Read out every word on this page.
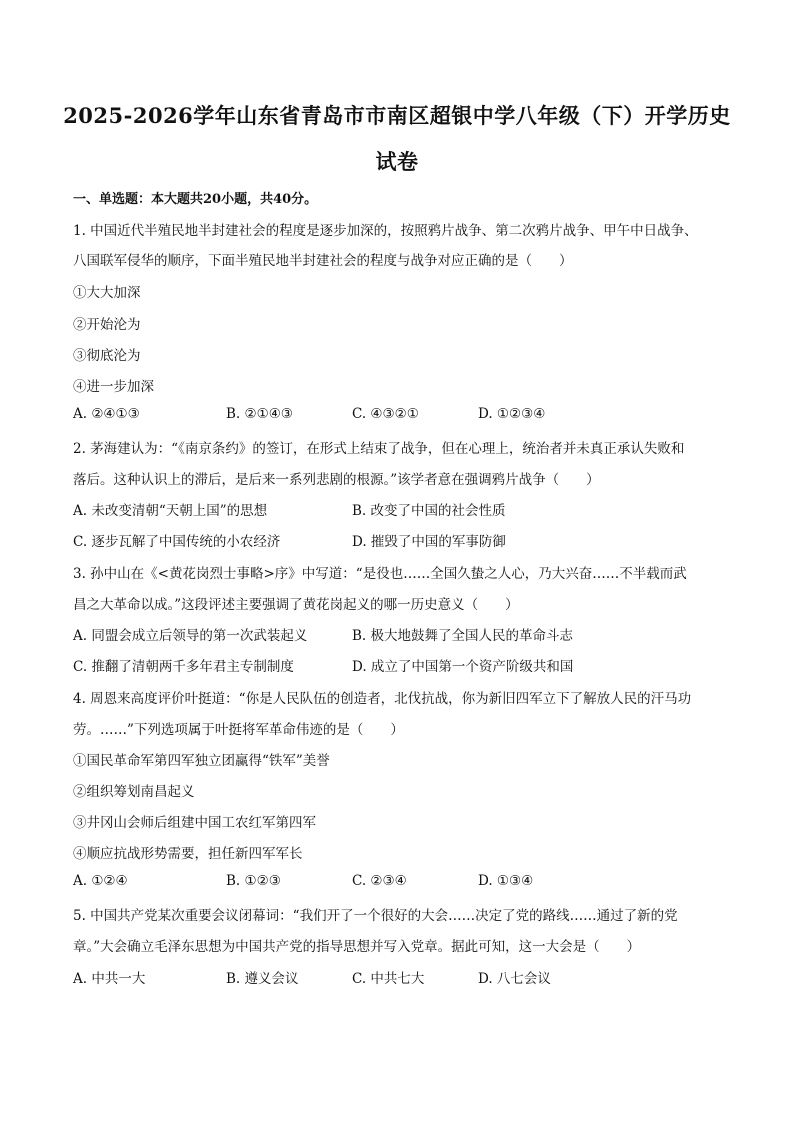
2025-2026学年山东省青岛市市南区超银中学八年级（下）开学历史
试卷
一、单选题：本大题共20小题，共40分。
1. 中国近代半殖民地半封建社会的程度是逐步加深的，按照鸦片战争、第二次鸦片战争、甲午中日战争、
八国联军侵华的顺序，下面半殖民地半封建社会的程度与战争对应正确的是（　　）
①大大加深
②开始沦为
③彻底沦为
④进一步加深
A. ②④①③	B. ②①④③	C. ④③②①	D. ①②③④
2. 茅海建认为：“《南京条约》的签订，在形式上结束了战争，但在心理上，统治者并未真正承认失败和
落后。这种认识上的滞后，是后来一系列悲剧的根源。”该学者意在强调鸦片战争（　　）
A. 未改变清朝“天朝上国”的思想	B. 改变了中国的社会性质
C. 逐步瓦解了中国传统的小农经济	D. 摧毁了中国的军事防御
3. 孙中山在《<黄花岗烈士事略>序》中写道：“是役也……全国久蛰之人心，乃大兴奋……不半载而武
昌之大革命以成。”这段评述主要强调了黄花岗起义的哪一历史意义（　　）
A. 同盟会成立后领导的第一次武装起义	B. 极大地鼓舞了全国人民的革命斗志
C. 推翻了清朝两千多年君主专制制度	D. 成立了中国第一个资产阶级共和国
4. 周恩来高度评价叶挺道：“你是人民队伍的创造者，北伐抗战，你为新旧四军立下了解放人民的汗马功
劳。……”下列选项属于叶挺将军革命伟迹的是（　　）
①国民革命军第四军独立团赢得“铁军”美誉
②组织筹划南昌起义
③井冈山会师后组建中国工农红军第四军
④顺应抗战形势需要，担任新四军军长
A. ①②④	B. ①②③	C. ②③④	D. ①③④
5. 中国共产党某次重要会议闭幕词：“我们开了一个很好的大会……决定了党的路线……通过了新的党
章。”大会确立毛泽东思想为中国共产党的指导思想并写入党章。据此可知，这一大会是（　　）
A. 中共一大	B. 遵义会议	C. 中共七大	D. 八七会议
